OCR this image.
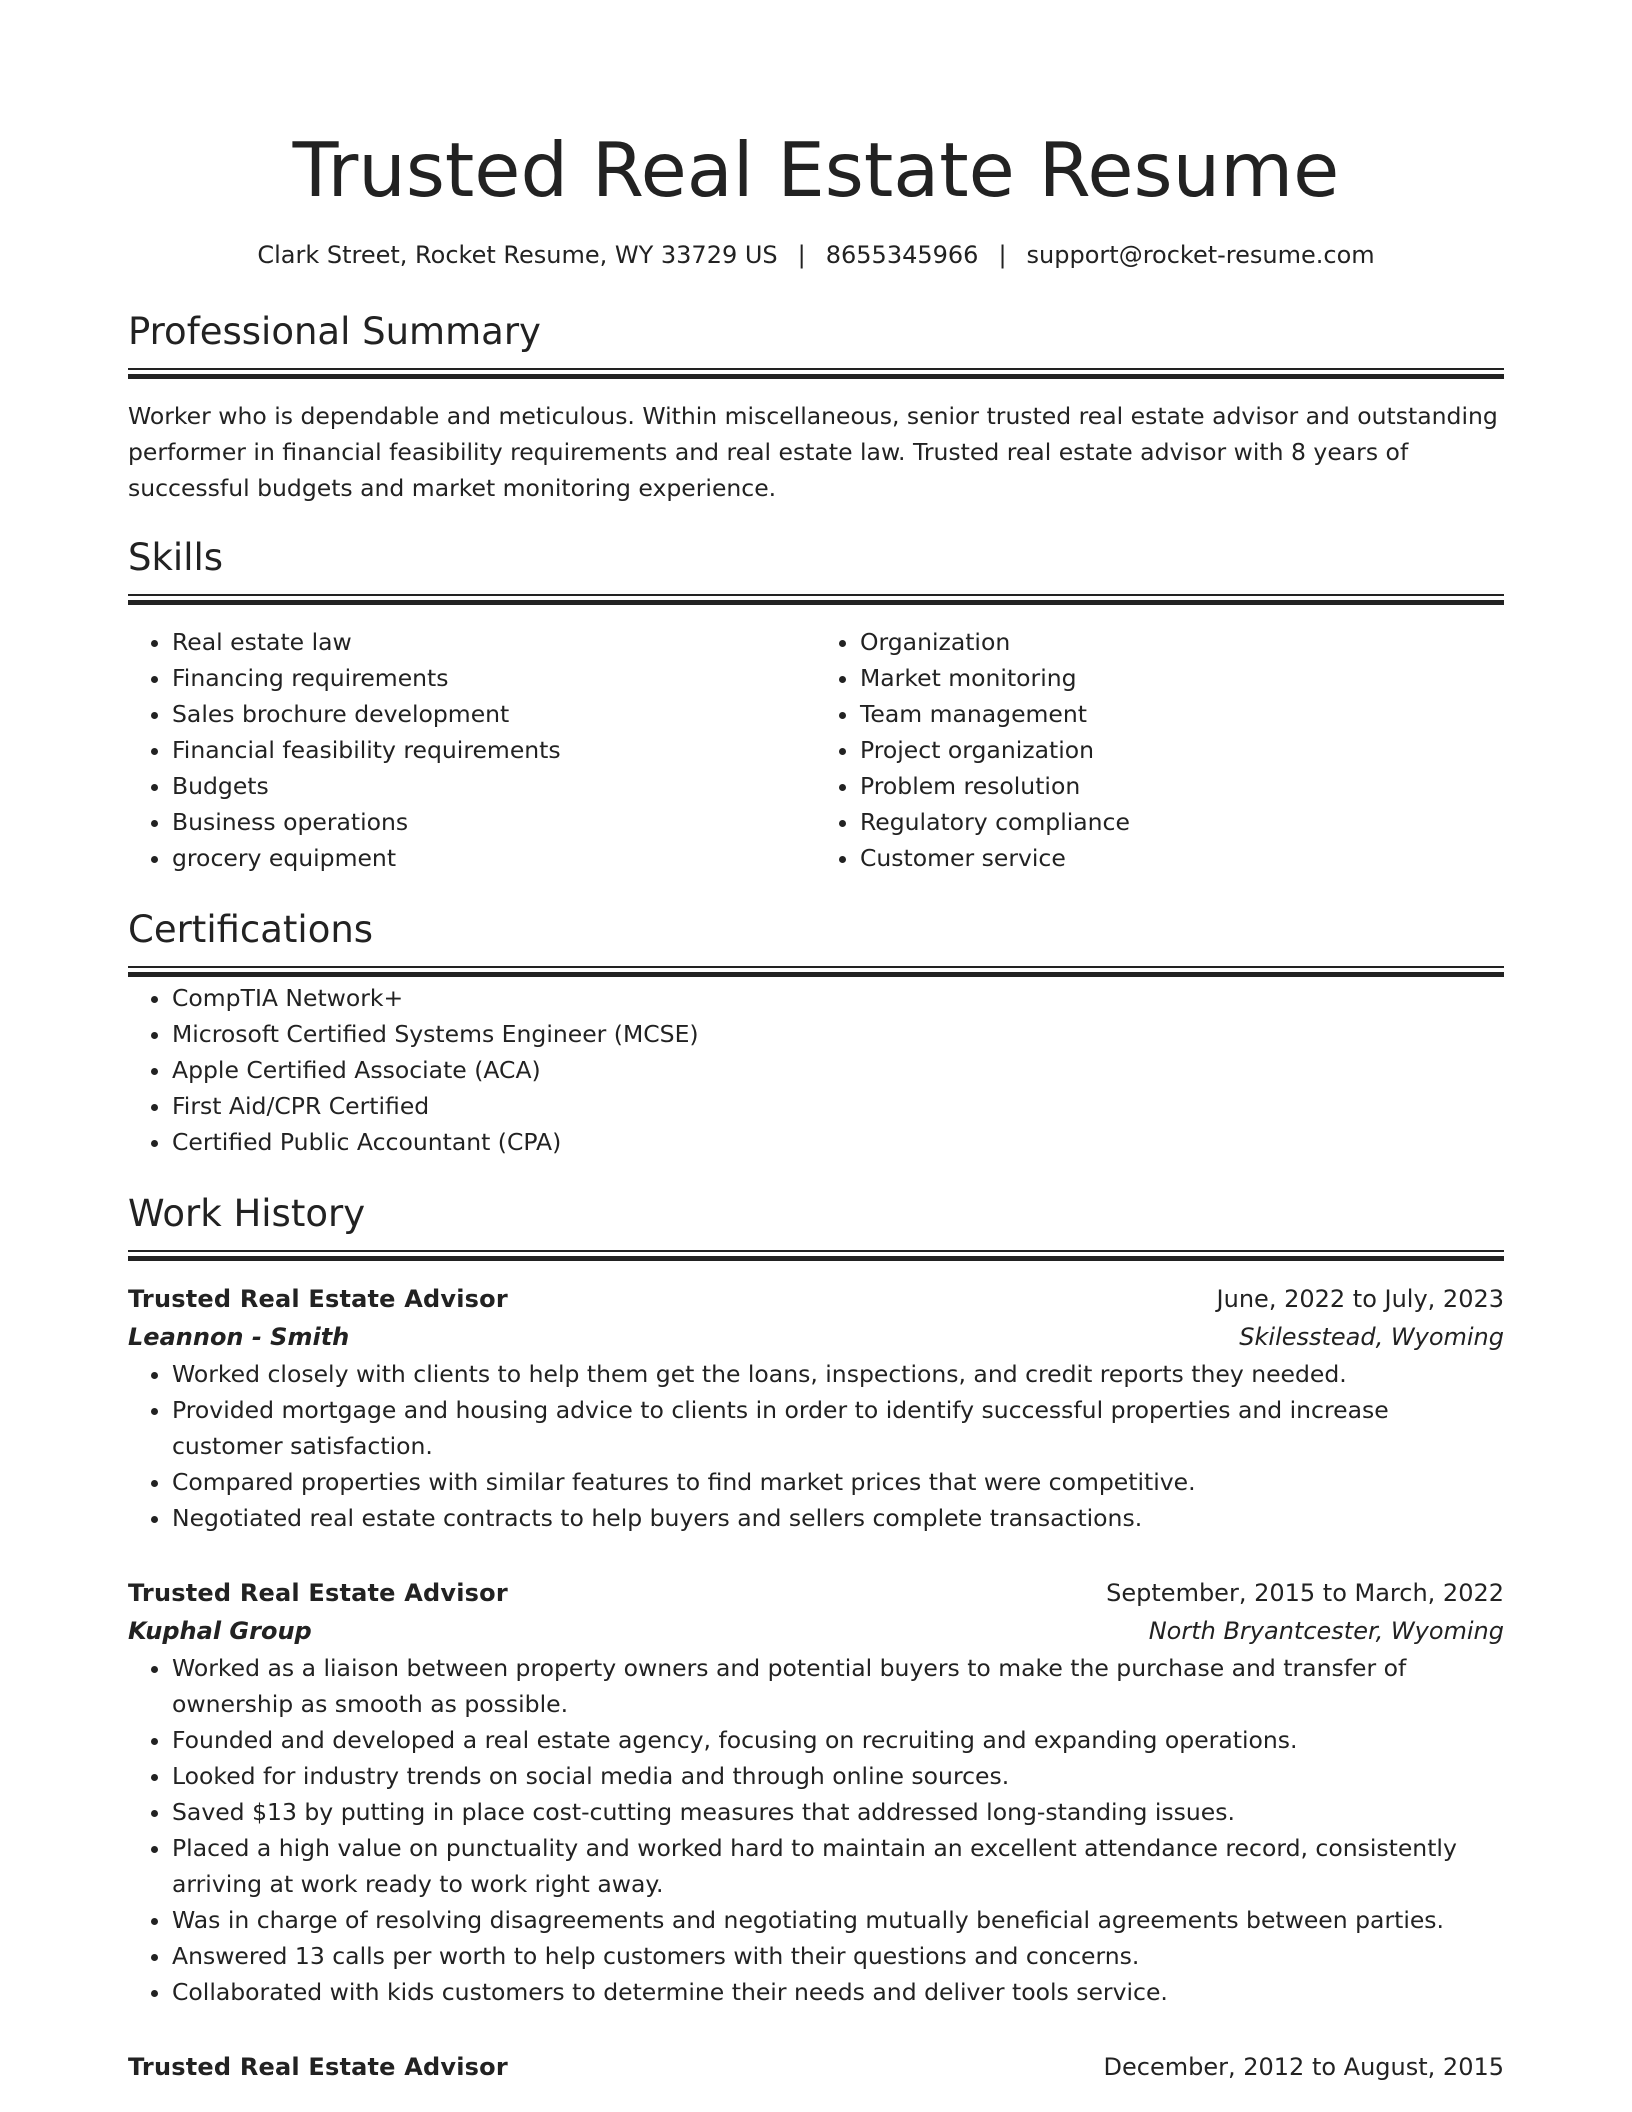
Trusted Real Estate Resume
Clark Street, Rocket Resume, WY 33729 US | 8655345966 | support@rocket-resume.com
Professional Summary

Worker who is dependable and meticulous. Within miscellaneous, senior trusted real estate advisor and outstanding performer in financial feasibility requirements and real estate law. Trusted real estate advisor with 8 years of successful budgets and market monitoring experience.

Skills
• Real estate law
• Financing requirements
• Sales brochure development
• Financial feasibility requirements
• Budgets
• Business operations
• grocery equipment
• Organization
• Market monitoring
• Team management
• Project organization
• Problem resolution
• Regulatory compliance
• Customer service
Certifications
• CompTIA Network+
• Microsoft Certified Systems Engineer (MCSE)
• Apple Certified Associate (ACA)
• First Aid/CPR Certified
• Certified Public Accountant (CPA)
Work History
Trusted Real Estate Advisor	June, 2022 to July, 2023
Leannon - Smith	Skilesstead, Wyoming
• Worked closely with clients to help them get the loans, inspections, and credit reports they needed.
• Provided mortgage and housing advice to clients in order to identify successful properties and increase customer satisfaction.
• Compared properties with similar features to find market prices that were competitive.
• Negotiated real estate contracts to help buyers and sellers complete transactions.
Trusted Real Estate Advisor	September, 2015 to March, 2022
Kuphal Group	North Bryantcester, Wyoming
• Worked as a liaison between property owners and potential buyers to make the purchase and transfer of ownership as smooth as possible.
• Founded and developed a real estate agency, focusing on recruiting and expanding operations.
• Looked for industry trends on social media and through online sources.
• Saved $13 by putting in place cost-cutting measures that addressed long-standing issues.
• Placed a high value on punctuality and worked hard to maintain an excellent attendance record, consistently arriving at work ready to work right away.
• Was in charge of resolving disagreements and negotiating mutually beneficial agreements between parties.
• Answered 13 calls per worth to help customers with their questions and concerns.
• Collaborated with kids customers to determine their needs and deliver tools service.
Trusted Real Estate Advisor	December, 2012 to August, 2015
